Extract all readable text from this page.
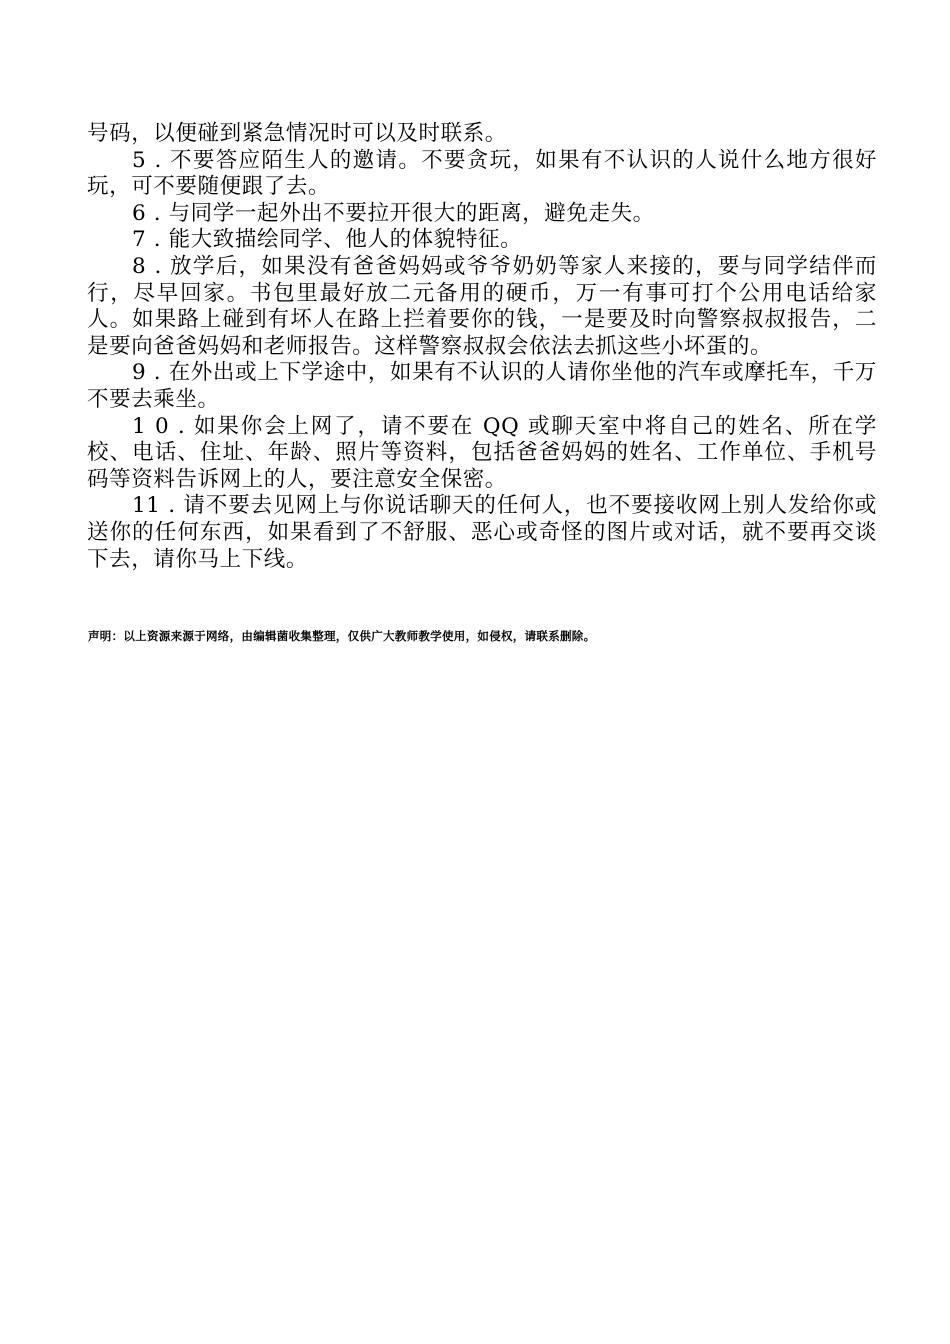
号码，以便碰到紧急情况时可以及时联系。

5 . 不要答应陌生人的邀请。不要贪玩，如果有不认识的人说什么地方很好玩，可不要随便跟了去。

6 . 与同学一起外出不要拉开很大的距离，避免走失。

7 . 能大致描绘同学、他人的体貌特征。

8 . 放学后，如果没有爸爸妈妈或爷爷奶奶等家人来接的，要与同学结伴而行，尽早回家。书包里最好放二元备用的硬币，万一有事可打个公用电话给家人。如果路上碰到有坏人在路上拦着要你的钱，一是要及时向警察叔叔报告，二是要向爸爸妈妈和老师报告。这样警察叔叔会依法去抓这些小坏蛋的。

9 . 在外出或上下学途中，如果有不认识的人请你坐他的汽车或摩托车，千万不要去乘坐。

1 0 . 如果你会上网了，请不要在 QQ 或聊天室中将自己的姓名、所在学校、电话、住址、年龄、照片等资料，包括爸爸妈妈的姓名、工作单位、手机号码等资料告诉网上的人，要注意安全保密。

11 . 请不要去见网上与你说话聊天的任何人，也不要接收网上别人发给你或送你的任何东西，如果看到了不舒服、恶心或奇怪的图片或对话，就不要再交谈下去，请你马上下线。

声明：以上资源来源于网络，由编辑菌收集整理，仅供广大教师教学使用，如侵权，请联系删除。
